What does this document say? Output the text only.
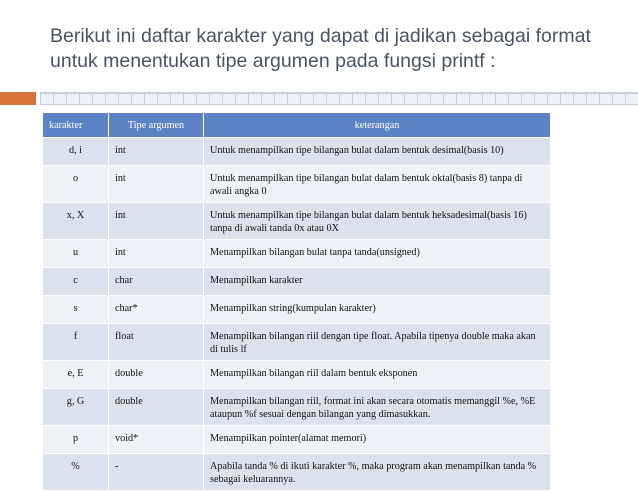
Berikut ini daftar karakter yang dapat di jadikan sebagai format untuk menentukan tipe argumen pada fungsi printf :
karakter	Tipe argumen	keterangan
d, i	int	Untuk menampilkan tipe bilangan bulat dalam bentuk desimal(basis 10)
o	int	Untuk menampilkan tipe bilangan bulat dalam bentuk oktal(basis 8) tanpa di awali angka 0
x, X	int	Untuk menampilkan tipe bilangan bulat dalam bentuk heksadesimal(basis 16) tanpa di awali tanda 0x atau 0X
u	int	Menampilkan bilangan bulat tanpa tanda(unsigned)
c	char	Menampilkan karakter
s	char*	Menampilkan string(kumpulan karakter)
f	float	Menampilkan bilangan riil dengan tipe float. Apabila tipenya double maka akan di tulis lf
e, E	double	Menampilkan bilangan riil dalam bentuk eksponen
g, G	double	Menampilkan bilangan riil, format ini akan secara otomatis memanggil %e, %E ataupun %f sesuai dengan bilangan yang dimasukkan.
p	void*	Menampilkan pointer(alamat memori)
%	-	Apabila tanda % di ikuti karakter %, maka program akan menampilkan tanda % sebagai keluarannya.
